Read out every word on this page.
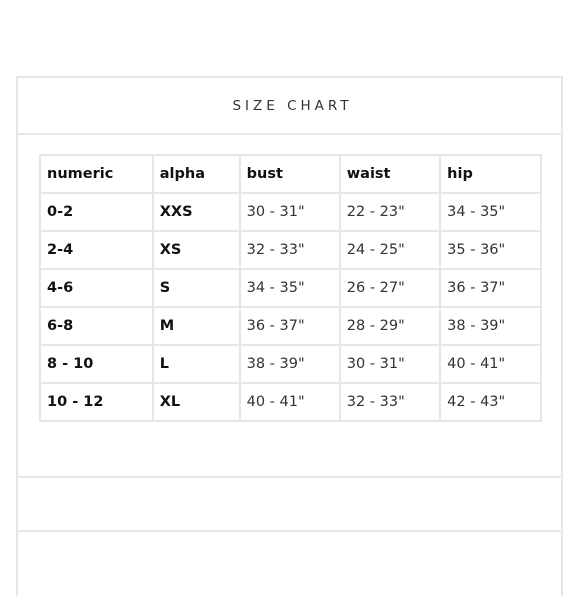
SIZE CHART
numeric	alpha	bust	waist	hip
0-2	XXS	30 - 31"	22 - 23"	34 - 35"
2-4	XS	32 - 33"	24 - 25"	35 - 36"
4-6	S	34 - 35"	26 - 27"	36 - 37"
6-8	M	36 - 37"	28 - 29"	38 - 39"
8 - 10	L	38 - 39"	30 - 31"	40 - 41"
10 - 12	XL	40 - 41"	32 - 33"	42 - 43"
